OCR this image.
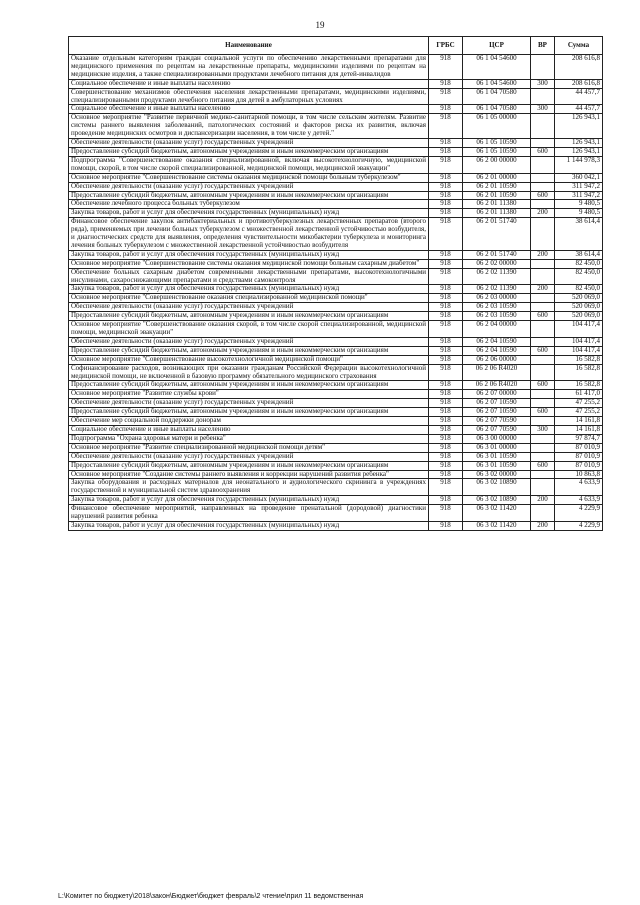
19
Наименование	ГРБС	ЦСР	ВР	Сумма
Оказание отдельным категориям граждан социальной услуги по обеспечению лекарственными препаратами для медицинского применения по рецептам на лекарственные препараты, медицинскими изделиями по рецептам на медицинские изделия, а также специализированными продуктами лечебного питания для детей-инвалидов	918	06 1 04 54600		208 616,8
Социальное обеспечение и иные выплаты населению	918	06 1 04 54600	300	208 616,8
Совершенствование механизмов обеспечения населения лекарственными препаратами, медицинскими изделиями, специализированными продуктами лечебного питания для детей в амбулаторных условиях	918	06 1 04 70580		44 457,7
Социальное обеспечение и иные выплаты населению	918	06 1 04 70580	300	44 457,7
Основное мероприятие "Развитие первичной медико-санитарной помощи, в том числе сельским жителям. Развитие системы раннего выявления заболеваний, патологических состояний и факторов риска их развития, включая проведение медицинских осмотров и диспансеризации населения, в том числе у детей."	918	06 1 05 00000		126 943,1
Обеспечение деятельности (оказание услуг) государственных учреждений	918	06 1 05 10590		126 943,1
Предоставление субсидий бюджетным, автономным учреждениям и иным некоммерческим организациям	918	06 1 05 10590	600	126 943,1
Подпрограмма "Совершенствование оказания специализированной, включая высокотехнологичную, медицинской помощи, скорой, в том числе скорой специализированной, медицинской помощи, медицинской эвакуации"	918	06 2 00 00000		1 144 978,3
Основное мероприятие "Совершенствование системы оказания медицинской помощи больным туберкулезом"	918	06 2 01 00000		360 042,1
Обеспечение деятельности (оказание услуг) государственных учреждений	918	06 2 01 10590		311 947,2
Предоставление субсидий бюджетным, автономным учреждениям и иным некоммерческим организациям	918	06 2 01 10590	600	311 947,2
Обеспечение лечебного процесса больных туберкулезом	918	06 2 01 11380		9 480,5
Закупка товаров, работ и услуг для обеспечения государственных (муниципальных) нужд	918	06 2 01 11380	200	9 480,5
Финансовое обеспечение закупок антибактериальных и противотуберкулезных лекарственных препаратов (второго ряда), применяемых при лечении больных туберкулезом с множественной лекарственной устойчивостью возбудителя, и диагностических средств для выявления, определения чувствительности микобактерии туберкулеза и мониторинга лечения больных туберкулезом с множественной лекарственной устойчивостью возбудителя	918	06 2 01 51740		38 614,4
Закупка товаров, работ и услуг для обеспечения государственных (муниципальных) нужд	918	06 2 01 51740	200	38 614,4
Основное мероприятие "Совершенствование системы оказания медицинской помощи больным сахарным диабетом"	918	06 2 02 00000		82 450,0
Обеспечение больных сахарным диабетом современными лекарственными препаратами, высокотехнологичными инсулинами, сахароснижающими препаратами и средствами самоконтроля	918	06 2 02 11390		82 450,0
Закупка товаров, работ и услуг для обеспечения государственных (муниципальных) нужд	918	06 2 02 11390	200	82 450,0
Основное мероприятие "Совершенствование оказания специализированной медицинской помощи"	918	06 2 03 00000		520 069,0
Обеспечение деятельности (оказание услуг) государственных учреждений	918	06 2 03 10590		520 069,0
Предоставление субсидий бюджетным, автономным учреждениям и иным некоммерческим организациям	918	06 2 03 10590	600	520 069,0
Основное мероприятие "Совершенствование оказания скорой, в том числе скорой специализированной, медицинской помощи, медицинской эвакуации"	918	06 2 04 00000		104 417,4
Обеспечение деятельности (оказание услуг) государственных учреждений	918	06 2 04 10590		104 417,4
Предоставление субсидий бюджетным, автономным учреждениям и иным некоммерческим организациям	918	06 2 04 10590	600	104 417,4
Основное мероприятие "Совершенствование высокотехнологичной медицинской помощи"	918	06 2 06 00000		16 582,8
Софинансирование расходов, возникающих при оказании гражданам Российской Федерации высокотехнологичной медицинской помощи, не включенной в базовую программу обязательного медицинского страхования	918	06 2 06 R4020		16 582,8
Предоставление субсидий бюджетным, автономным учреждениям и иным некоммерческим организациям	918	06 2 06 R4020	600	16 582,8
Основное мероприятие "Развитие службы крови"	918	06 2 07 00000		61 417,0
Обеспечение деятельности (оказание услуг) государственных учреждений	918	06 2 07 10590		47 255,2
Предоставление субсидий бюджетным, автономным учреждениям и иным некоммерческим организациям	918	06 2 07 10590	600	47 255,2
Обеспечение мер социальной поддержки донорам	918	06 2 07 70590		14 161,8
Социальное обеспечение и иные выплаты населению	918	06 2 07 70590	300	14 161,8
Подпрограмма "Охрана здоровья матери и ребенка"	918	06 3 00 00000		97 874,7
Основное мероприятие "Развитие специализированной медицинской помощи детям"	918	06 3 01 00000		87 010,9
Обеспечение деятельности (оказание услуг) государственных учреждений	918	06 3 01 10590		87 010,9
Предоставление субсидий бюджетным, автономным учреждениям и иным некоммерческим организациям	918	06 3 01 10590	600	87 010,9
Основное мероприятие "Создание системы раннего выявления и коррекции нарушений развития ребенка"	918	06 3 02 00000		10 863,8
Закупка оборудования и расходных материалов для неонатального и аудиологического скрининга в учреждениях государственной и муниципальной систем здравоохранения	918	06 3 02 10890		4 633,9
Закупка товаров, работ и услуг для обеспечения государственных (муниципальных) нужд	918	06 3 02 10890	200	4 633,9
Финансовое обеспечение мероприятий, направленных на проведение пренатальной (дородовой) диагностики нарушений развития ребенка	918	06 3 02 11420		4 229,9
Закупка товаров, работ и услуг для обеспечения государственных (муниципальных) нужд	918	06 3 02 11420	200	4 229,9
L:\Комитет по бюджету\2018\закон\Бюджет\бюджет февраль\2 чтение\прил 11 ведомственная
